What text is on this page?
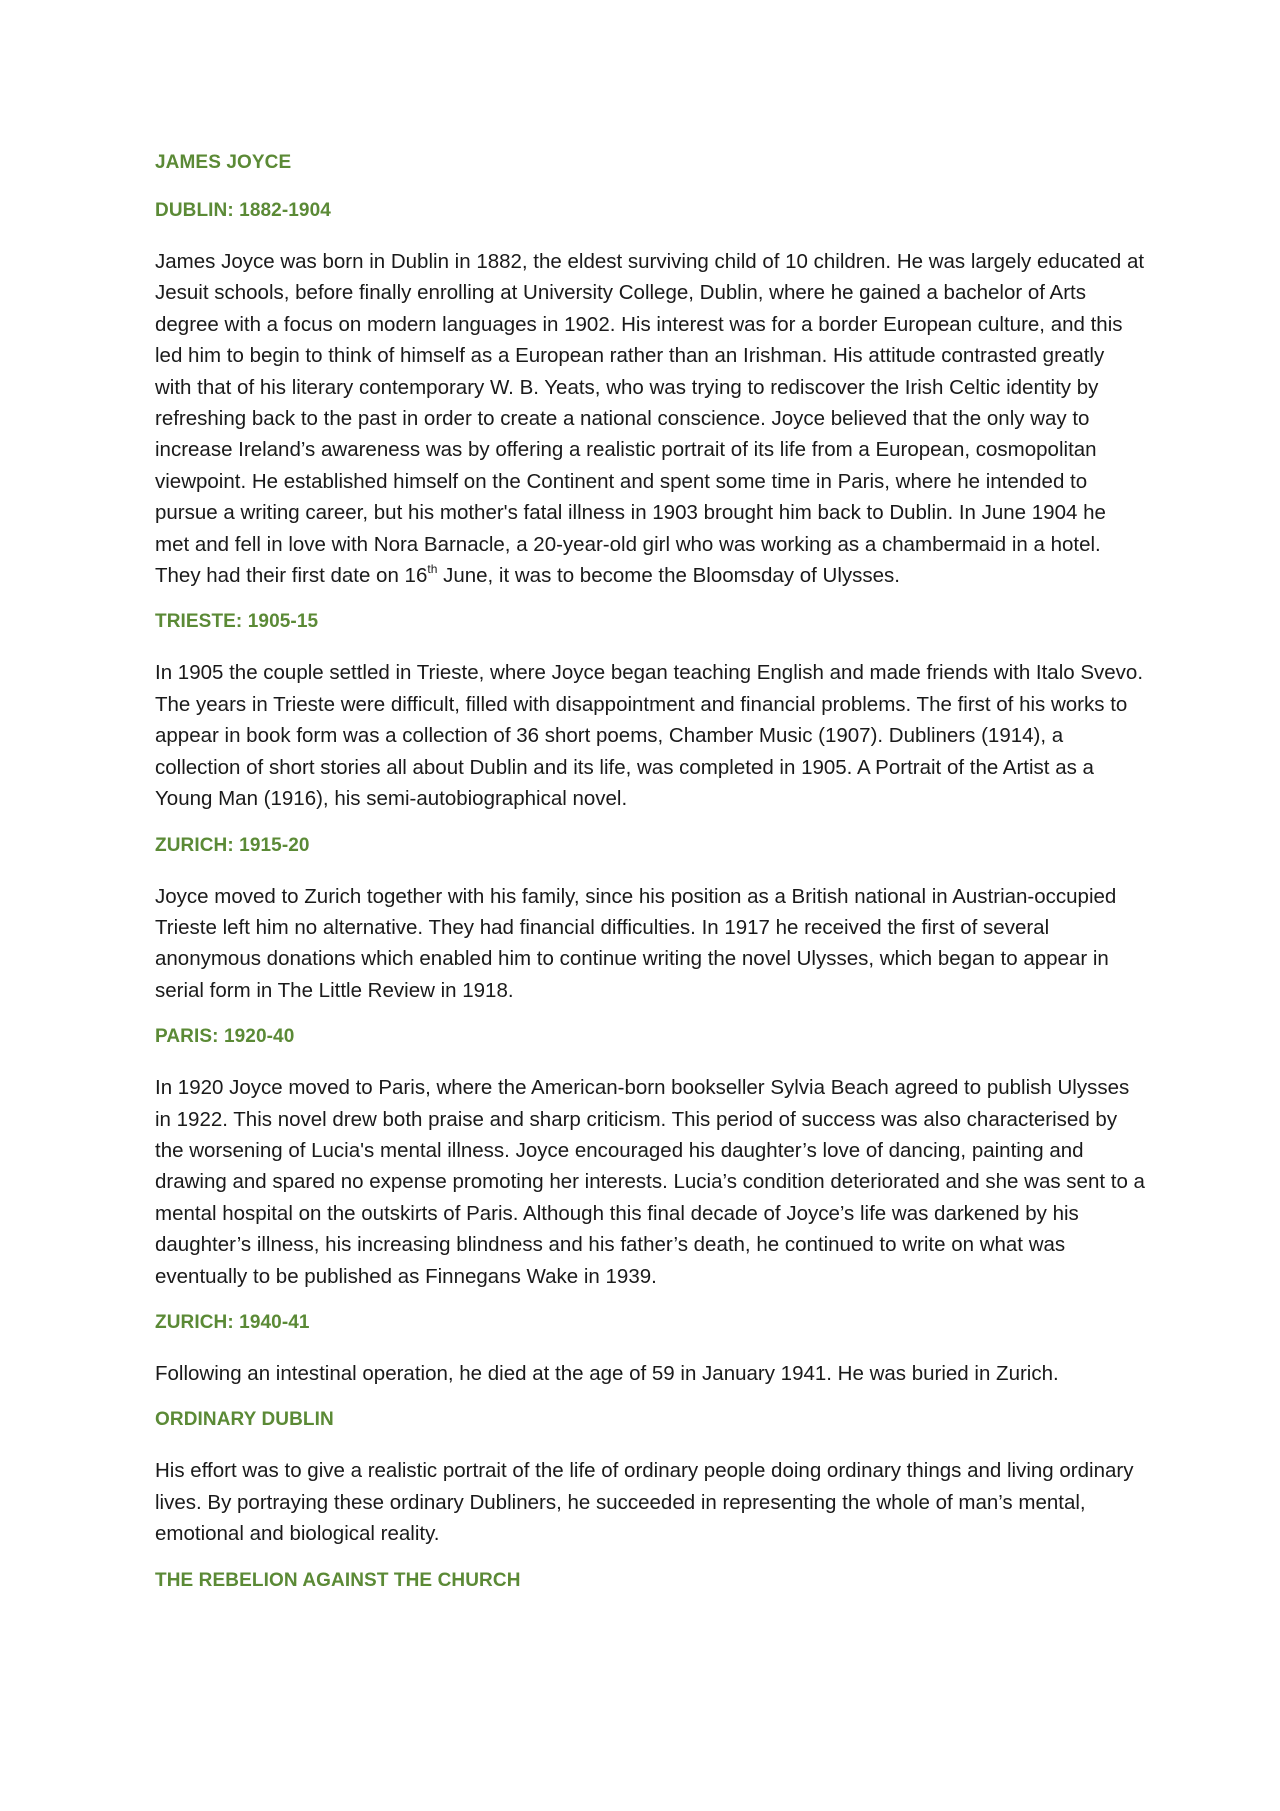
JAMES JOYCE
DUBLIN: 1882-1904

James Joyce was born in Dublin in 1882, the eldest surviving child of 10 children. He was largely educated at Jesuit schools, before finally enrolling at University College, Dublin, where he gained a bachelor of Arts degree with a focus on modern languages in 1902. His interest was for a border European culture, and this led him to begin to think of himself as a European rather than an Irishman. His attitude contrasted greatly with that of his literary contemporary W. B. Yeats, who was trying to rediscover the Irish Celtic identity by refreshing back to the past in order to create a national conscience. Joyce believed that the only way to increase Ireland’s awareness was by offering a realistic portrait of its life from a European, cosmopolitan viewpoint. He established himself on the Continent and spent some time in Paris, where he intended to pursue a writing career, but his mother's fatal illness in 1903 brought him back to Dublin. In June 1904 he met and fell in love with Nora Barnacle, a 20-year-old girl who was working as a chambermaid in a hotel. They had their first date on 16th June, it was to become the Bloomsday of Ulysses.

TRIESTE: 1905-15

In 1905 the couple settled in Trieste, where Joyce began teaching English and made friends with Italo Svevo. The years in Trieste were difficult, filled with disappointment and financial problems. The first of his works to appear in book form was a collection of 36 short poems, Chamber Music (1907). Dubliners (1914), a collection of short stories all about Dublin and its life, was completed in 1905. A Portrait of the Artist as a Young Man (1916), his semi-autobiographical novel.

ZURICH: 1915-20

Joyce moved to Zurich together with his family, since his position as a British national in Austrian-occupied Trieste left him no alternative. They had financial difficulties. In 1917 he received the first of several anonymous donations which enabled him to continue writing the novel Ulysses, which began to appear in serial form in The Little Review in 1918.

PARIS: 1920-40

In 1920 Joyce moved to Paris, where the American-born bookseller Sylvia Beach agreed to publish Ulysses in 1922. This novel drew both praise and sharp criticism. This period of success was also characterised by the worsening of Lucia's mental illness. Joyce encouraged his daughter’s love of dancing, painting and drawing and spared no expense promoting her interests. Lucia’s condition deteriorated and she was sent to a mental hospital on the outskirts of Paris. Although this final decade of Joyce’s life was darkened by his daughter’s illness, his increasing blindness and his father’s death, he continued to write on what was eventually to be published as Finnegans Wake in 1939.

ZURICH: 1940-41

Following an intestinal operation, he died at the age of 59 in January 1941. He was buried in Zurich.

ORDINARY DUBLIN

His effort was to give a realistic portrait of the life of ordinary people doing ordinary things and living ordinary lives. By portraying these ordinary Dubliners, he succeeded in representing the whole of man’s mental, emotional and biological reality.

THE REBELION AGAINST THE CHURCH
